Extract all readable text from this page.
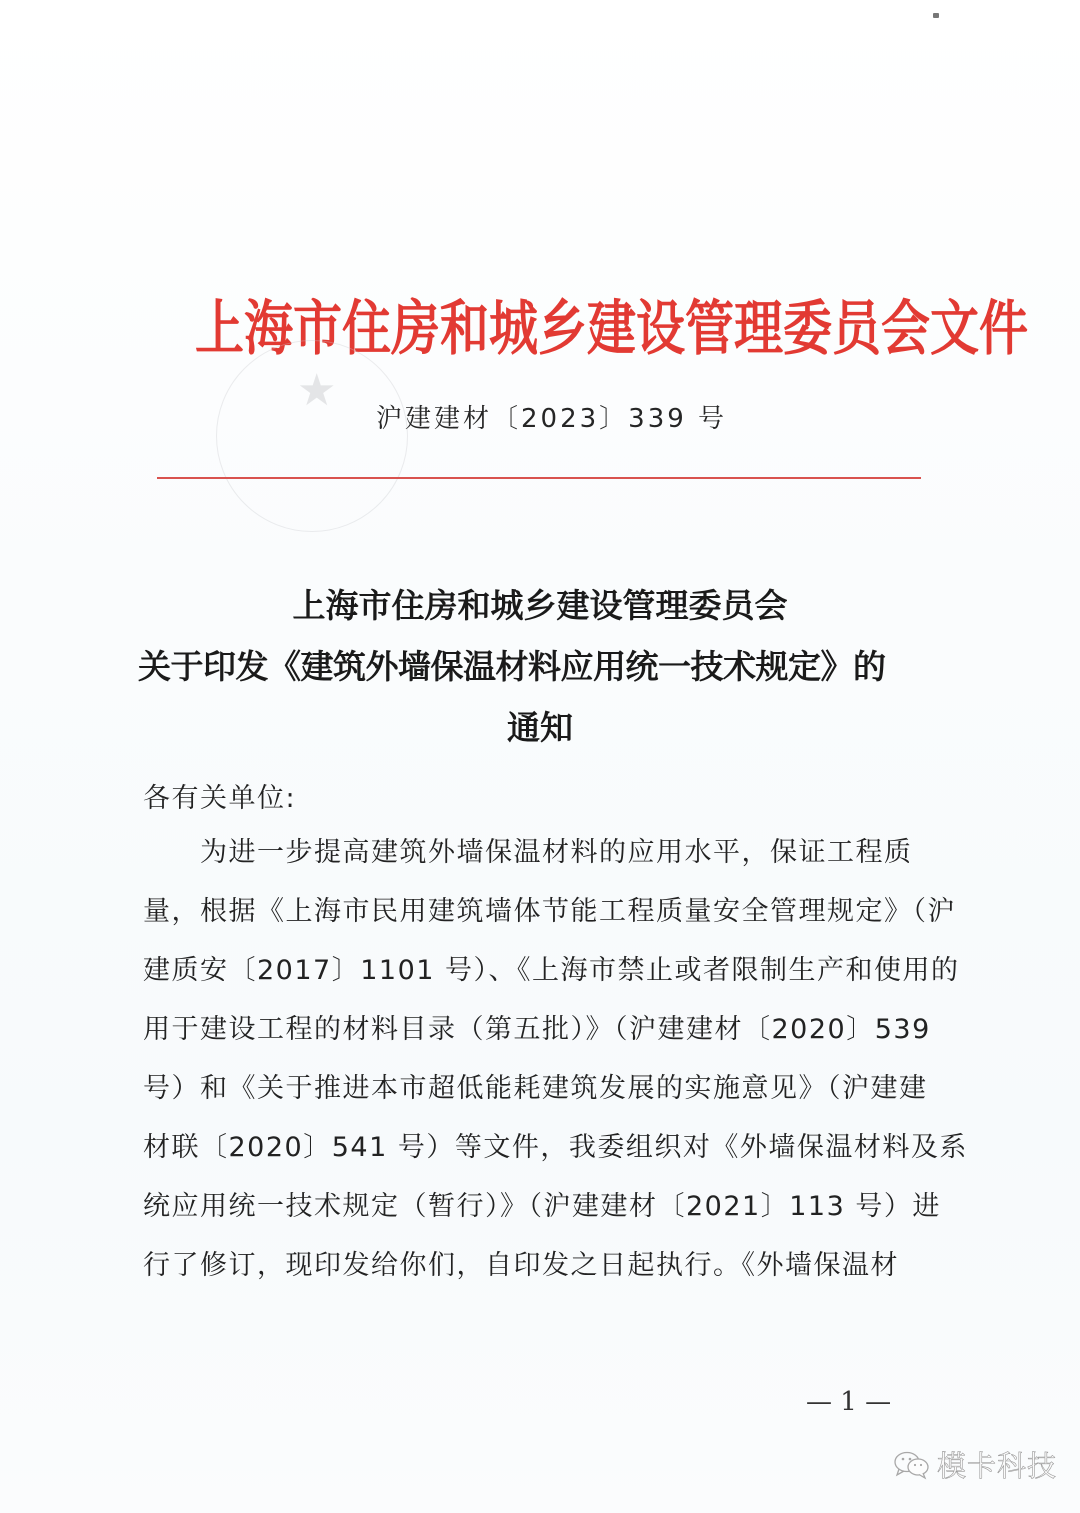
上海市住房和城乡建设管理委员会文件
★
沪建建材〔2023〕339 号
上海市住房和城乡建设管理委员会
关于印发《建筑外墙保温材料应用统一技术规定》的
通知
各有关单位:
　　为进一步提高建筑外墙保温材料的应用水平，保证工程质
量，根据《上海市民用建筑墙体节能工程质量安全管理规定》（沪
建质安〔2017〕1101 号）、《上海市禁止或者限制生产和使用的
用于建设工程的材料目录（第五批）》（沪建建材〔2020〕539
号）和《关于推进本市超低能耗建筑发展的实施意见》（沪建建
材联〔2020〕541 号）等文件，我委组织对《外墙保温材料及系
统应用统一技术规定（暂行）》（沪建建材〔2021〕113 号）进
行了修订，现印发给你们，自印发之日起执行。《外墙保温材
— 1 —
模卡科技
